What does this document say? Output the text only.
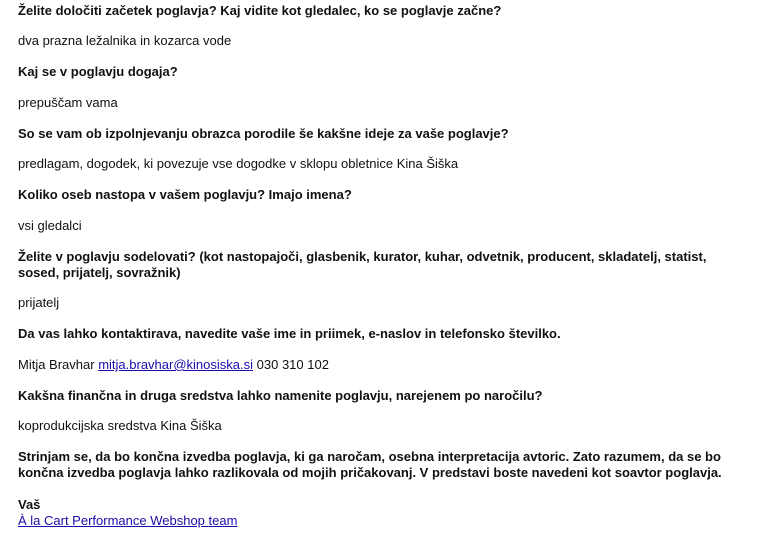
Želite določiti začetek poglavja? Kaj vidite kot gledalec, ko se poglavje začne?

dva prazna ležalnika in kozarca vode

Kaj se v poglavju dogaja?

prepuščam vama

So se vam ob izpolnjevanju obrazca porodile še kakšne ideje za vaše poglavje?

predlagam, dogodek, ki povezuje vse dogodke v sklopu obletnice Kina Šiška

Koliko oseb nastopa v vašem poglavju? Imajo imena?

vsi gledalci

Želite v poglavju sodelovati? (kot nastopajoči, glasbenik, kurator, kuhar, odvetnik, producent, skladatelj, statist, sosed, prijatelj, sovražnik)

prijatelj

Da vas lahko kontaktirava, navedite vaše ime in priimek, e-naslov in telefonsko številko.

Mitja Bravhar mitja.bravhar@kinosiska.si 030 310 102

Kakšna finančna in druga sredstva lahko namenite poglavju, narejenem po naročilu?

koprodukcijska sredstva Kina Šiška

Strinjam se, da bo končna izvedba poglavja, ki ga naročam, osebna interpretacija avtoric. Zato razumem, da se bo končna izvedba poglavja lahko razlikovala od mojih pričakovanj. V predstavi boste navedeni kot soavtor poglavja.

Vaš
À la Cart Performance Webshop team
